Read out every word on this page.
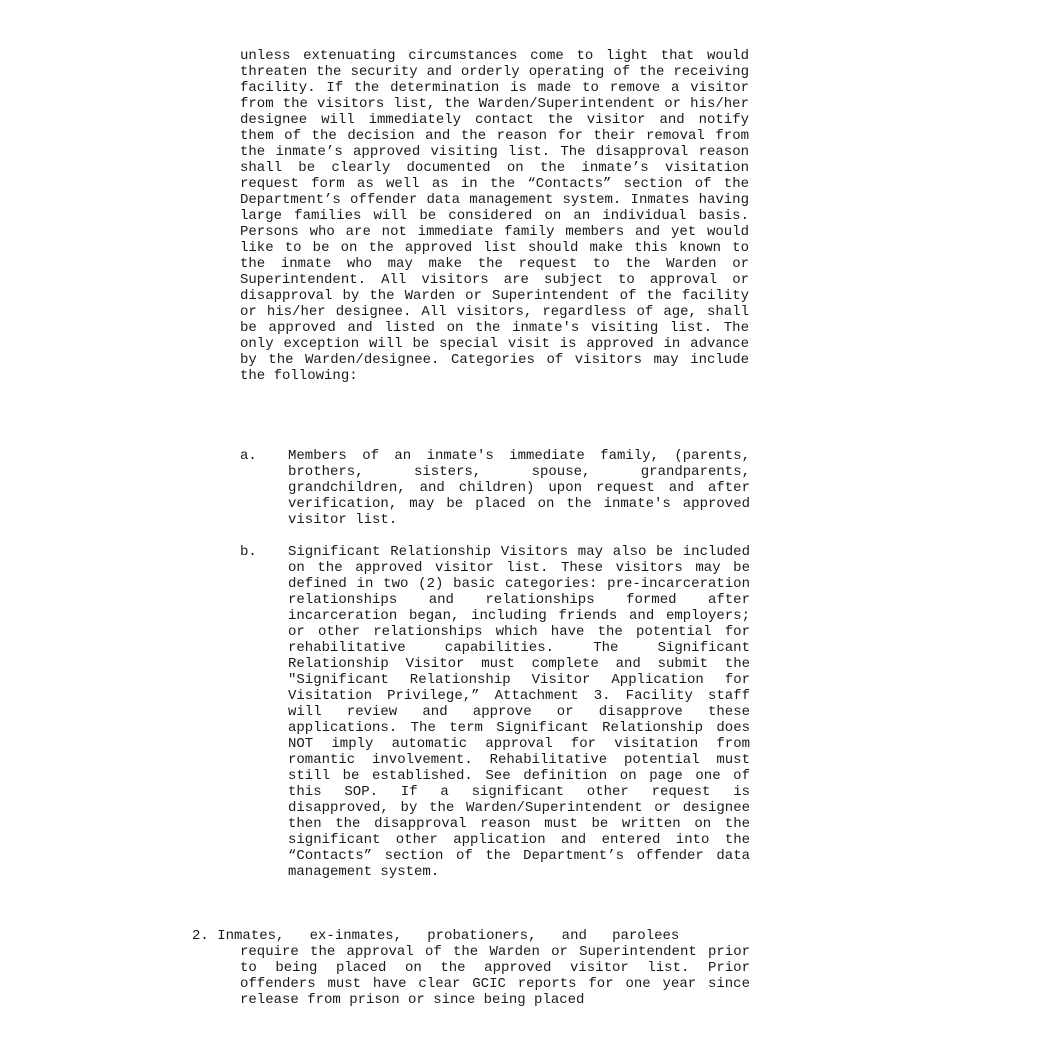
unless extenuating circumstances come to light that would threaten the security and orderly operating of the receiving facility. If the determination is made to remove a visitor from the visitors list, the Warden/Superintendent or his/her designee will immediately contact the visitor and notify them of the decision and the reason for their removal from the inmate’s approved visiting list. The disapproval reason shall be clearly documented on the inmate’s visitation request form as well as in the “Contacts” section of the Department’s offender data management system. Inmates having large families will be considered on an individual basis. Persons who are not immediate family members and yet would like to be on the approved list should make this known to the inmate who may make the request to the Warden or Superintendent. All visitors are subject to approval or disapproval by the Warden or Superintendent of the facility or his/her designee. All visitors, regardless of age, shall be approved and listed on the inmate's visiting list. The only exception will be special visit is approved in advance by the Warden/designee. Categories of visitors may include the following:

a. Members of an inmate's immediate family, (parents, brothers, sisters, spouse, grandparents, grandchildren, and children) upon request and after verification, may be placed on the inmate's approved visitor list.
b. Significant Relationship Visitors may also be included on the approved visitor list. These visitors may be defined in two (2) basic categories: pre-incarceration relationships and relationships formed after incarceration began, including friends and employers; or other relationships which have the potential for rehabilitative capabilities. The Significant Relationship Visitor must complete and submit the "Significant Relationship Visitor Application for Visitation Privilege,” Attachment 3. Facility staff will review and approve or disapprove these applications. The term Significant Relationship does NOT imply automatic approval for visitation from romantic involvement. Rehabilitative potential must still be established. See definition on page one of this SOP. If a significant other request is disapproved, by the Warden/Superintendent or designee then the disapproval reason must be written on the significant other application and entered into the “Contacts” section of the Department’s offender data management system.
2. Inmates,   ex-inmates,   probationers,   and   parolees
require the approval of the Warden or Superintendent prior to being placed on the approved visitor list. Prior offenders must have clear GCIC reports for one year since release from prison or since being placed
